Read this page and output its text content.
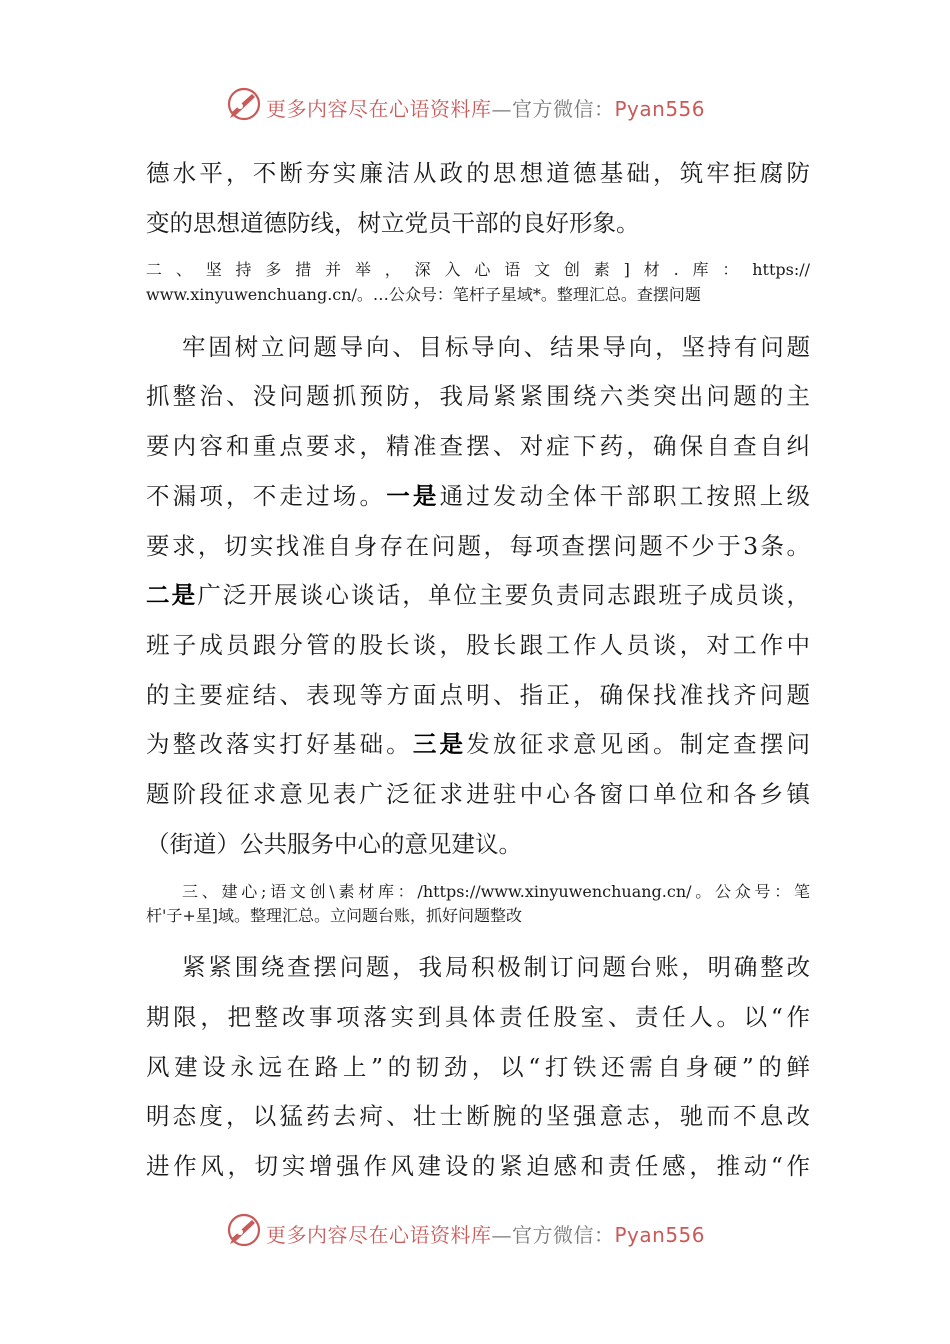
更多内容尽在心语资料库—官方微信：Pyan556
德水平，不断夯实廉洁从政的思想道德基础，筑牢拒腐防
变的思想道德防线，树立党员干部的良好形象。
二、坚持多措并举，深入心语文创素]材.库：https://
www.xinyuwenchuang.cn/。…公众号：笔杆子星域*。整理汇总。查摆问题
牢固树立问题导向、目标导向、结果导向，坚持有问题
抓整治、没问题抓预防，我局紧紧围绕六类突出问题的主
要内容和重点要求，精准查摆、对症下药，确保自查自纠
不漏项，不走过场。一是通过发动全体干部职工按照上级
要求，切实找准自身存在问题，每项查摆问题不少于3条。
二是广泛开展谈心谈话，单位主要负责同志跟班子成员谈，
班子成员跟分管的股长谈，股长跟工作人员谈，对工作中
的主要症结、表现等方面点明、指正，确保找准找齐问题
为整改落实打好基础。三是发放征求意见函。制定查摆问
题阶段征求意见表广泛征求进驻中心各窗口单位和各乡镇
（街道）公共服务中心的意见建议。
三、建心;语文创\素材库：/https://www.xinyuwenchuang.cn/。公众号：笔
杆'子+星]域。整理汇总。立问题台账，抓好问题整改
紧紧围绕查摆问题，我局积极制订问题台账，明确整改
期限，把整改事项落实到具体责任股室、责任人。以“作
风建设永远在路上”的韧劲，以“打铁还需自身硬”的鲜
明态度，以猛药去疴、壮士断腕的坚强意志，驰而不息改
进作风，切实增强作风建设的紧迫感和责任感，推动“作
更多内容尽在心语资料库—官方微信：Pyan556
